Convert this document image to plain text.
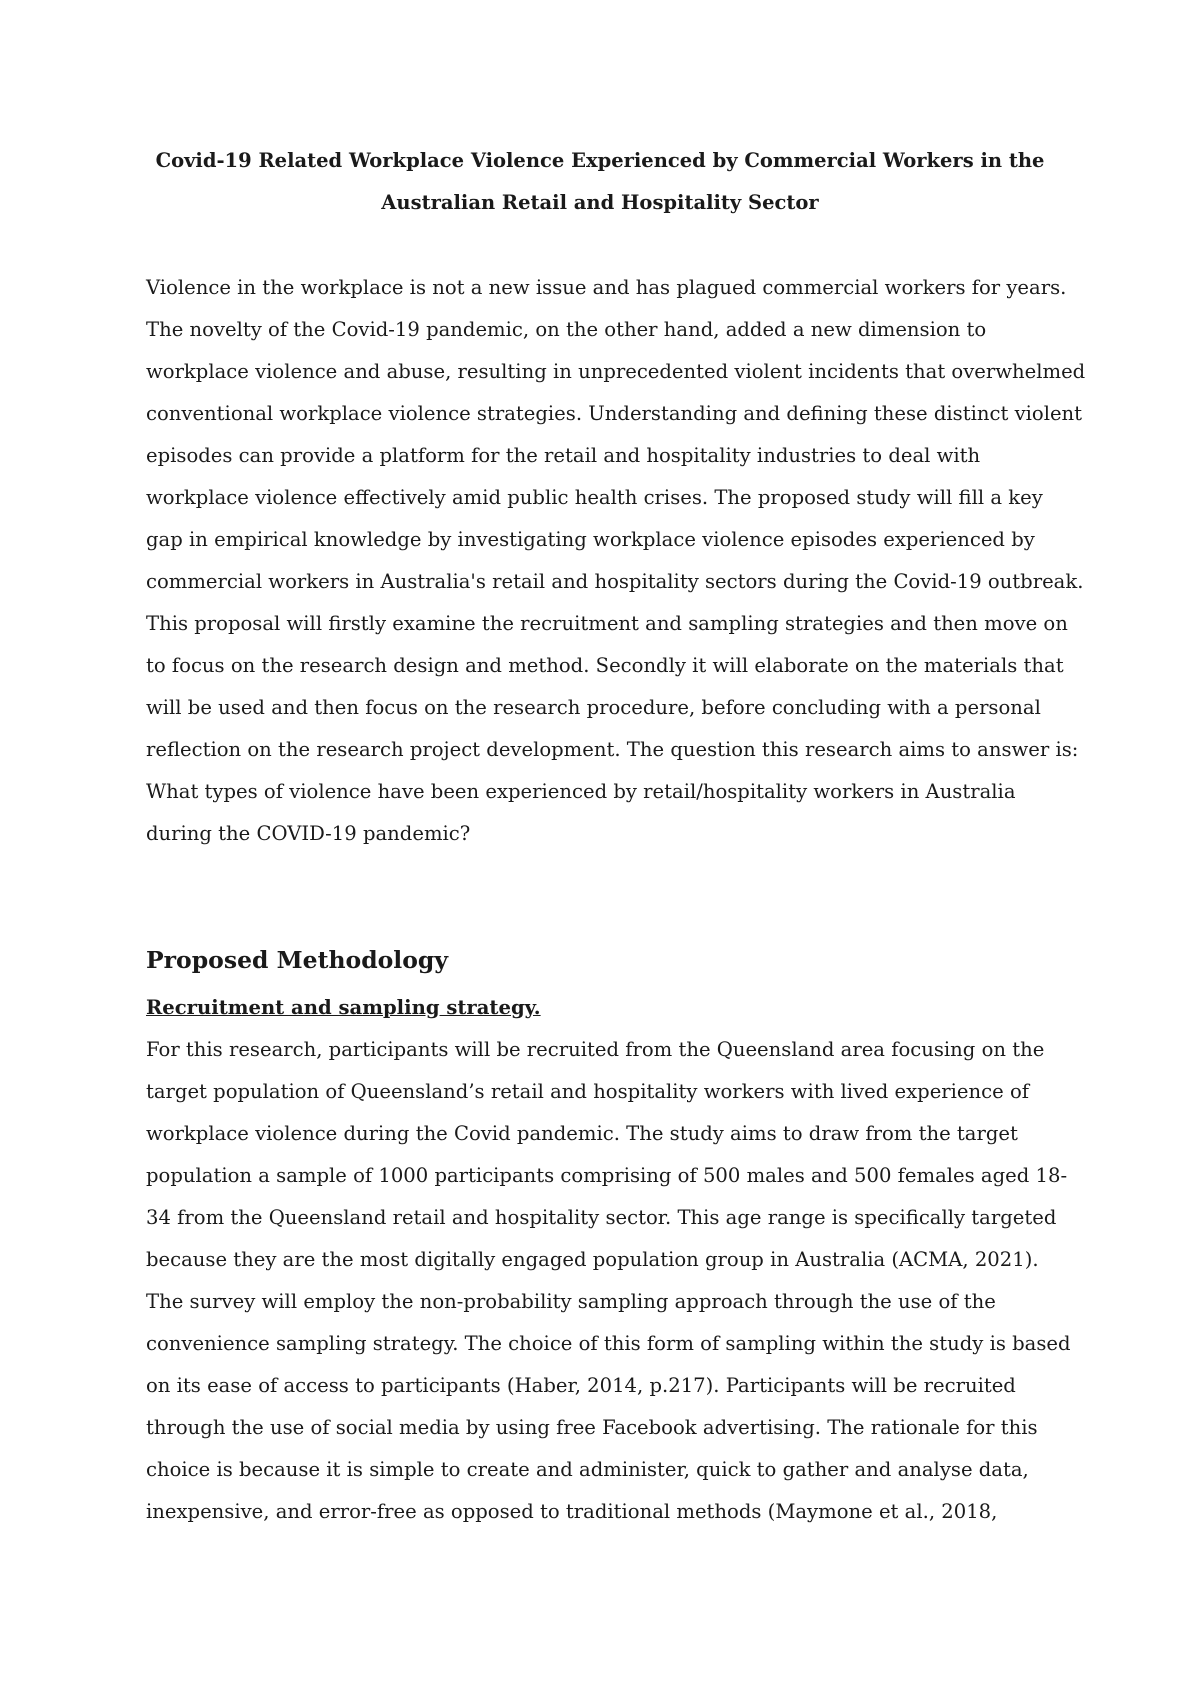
Covid-19 Related Workplace Violence Experienced by Commercial Workers in the

Australian Retail and Hospitality Sector

Violence in the workplace is not a new issue and has plagued commercial workers for years.

The novelty of the Covid-19 pandemic, on the other hand, added a new dimension to

workplace violence and abuse, resulting in unprecedented violent incidents that overwhelmed

conventional workplace violence strategies. Understanding and defining these distinct violent

episodes can provide a platform for the retail and hospitality industries to deal with

workplace violence effectively amid public health crises. The proposed study will fill a key

gap in empirical knowledge by investigating workplace violence episodes experienced by

commercial workers in Australia's retail and hospitality sectors during the Covid-19 outbreak.

This proposal will firstly examine the recruitment and sampling strategies and then move on

to focus on the research design and method. Secondly it will elaborate on the materials that

will be used and then focus on the research procedure, before concluding with a personal

reflection on the research project development. The question this research aims to answer is:

What types of violence have been experienced by retail/hospitality workers in Australia

during the COVID-19 pandemic?

Proposed Methodology
Recruitment and sampling strategy.

For this research, participants will be recruited from the Queensland area focusing on the

target population of Queensland’s retail and hospitality workers with lived experience of

workplace violence during the Covid pandemic. The study aims to draw from the target

population a sample of 1000 participants comprising of 500 males and 500 females aged 18-

34 from the Queensland retail and hospitality sector. This age range is specifically targeted

because they are the most digitally engaged population group in Australia (ACMA, 2021).

The survey will employ the non-probability sampling approach through the use of the

convenience sampling strategy. The choice of this form of sampling within the study is based

on its ease of access to participants (Haber, 2014, p.217). Participants will be recruited

through the use of social media by using free Facebook advertising. The rationale for this

choice is because it is simple to create and administer, quick to gather and analyse data,

inexpensive, and error-free as opposed to traditional methods (Maymone et al., 2018,
